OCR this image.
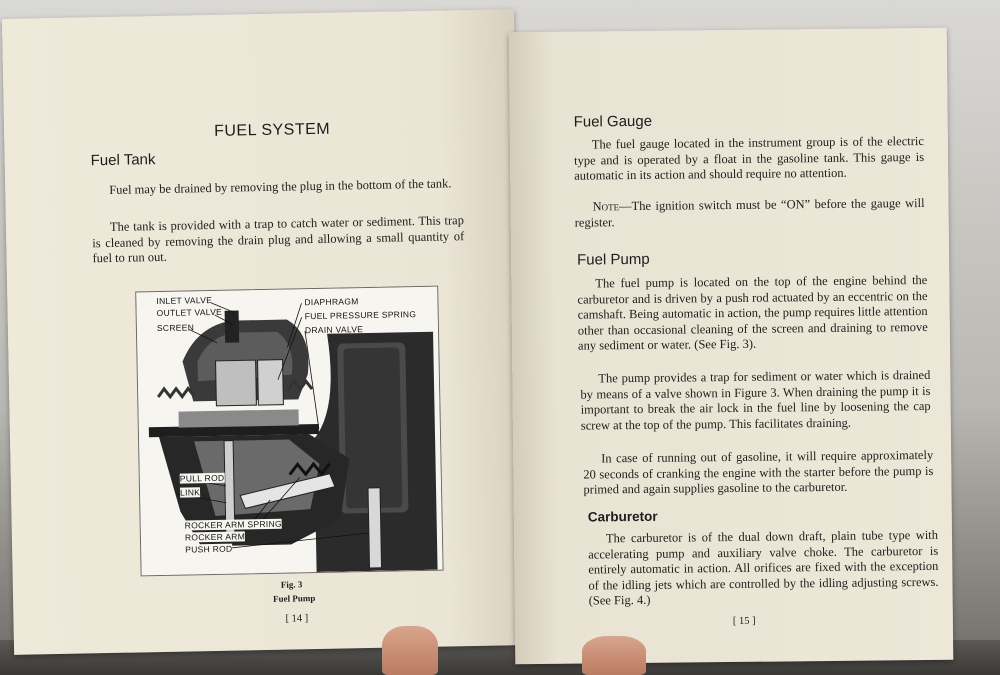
FUEL SYSTEM
Fuel Tank

Fuel may be drained by removing the plug in the bottom of the tank.

The tank is provided with a trap to catch water or sediment. This trap is cleaned by removing the drain plug and allowing a small quantity of fuel to run out.

INLET VALVE
OUTLET VALVE
SCREEN
DIAPHRAGM
FUEL PRESSURE SPRING
DRAIN VALVE
PULL ROD
LINK
ROCKER ARM SPRING
ROCKER ARM
PUSH ROD
Fig. 3
Fuel Pump
[ 14 ]
Fuel Gauge

The fuel gauge located in the instrument group is of the electric type and is operated by a float in the gasoline tank. This gauge is automatic in its action and should require no attention.

Note—The ignition switch must be “ON” before the gauge will register.

Fuel Pump

The fuel pump is located on the top of the engine behind the carburetor and is driven by a push rod actuated by an eccentric on the camshaft. Being automatic in action, the pump requires little attention other than occasional cleaning of the screen and draining to remove any sediment or water. (See Fig. 3).

The pump provides a trap for sediment or water which is drained by means of a valve shown in Figure 3. When draining the pump it is important to break the air lock in the fuel line by loosening the cap screw at the top of the pump. This facilitates draining.

In case of running out of gasoline, it will require approximately 20 seconds of cranking the engine with the starter before the pump is primed and again supplies gasoline to the carburetor.

Carburetor

The carburetor is of the dual down draft, plain tube type with accelerating pump and auxiliary valve choke. The carburetor is entirely automatic in action. All orifices are fixed with the exception of the idling jets which are controlled by the idling adjusting screws. (See Fig. 4.)

[ 15 ]
